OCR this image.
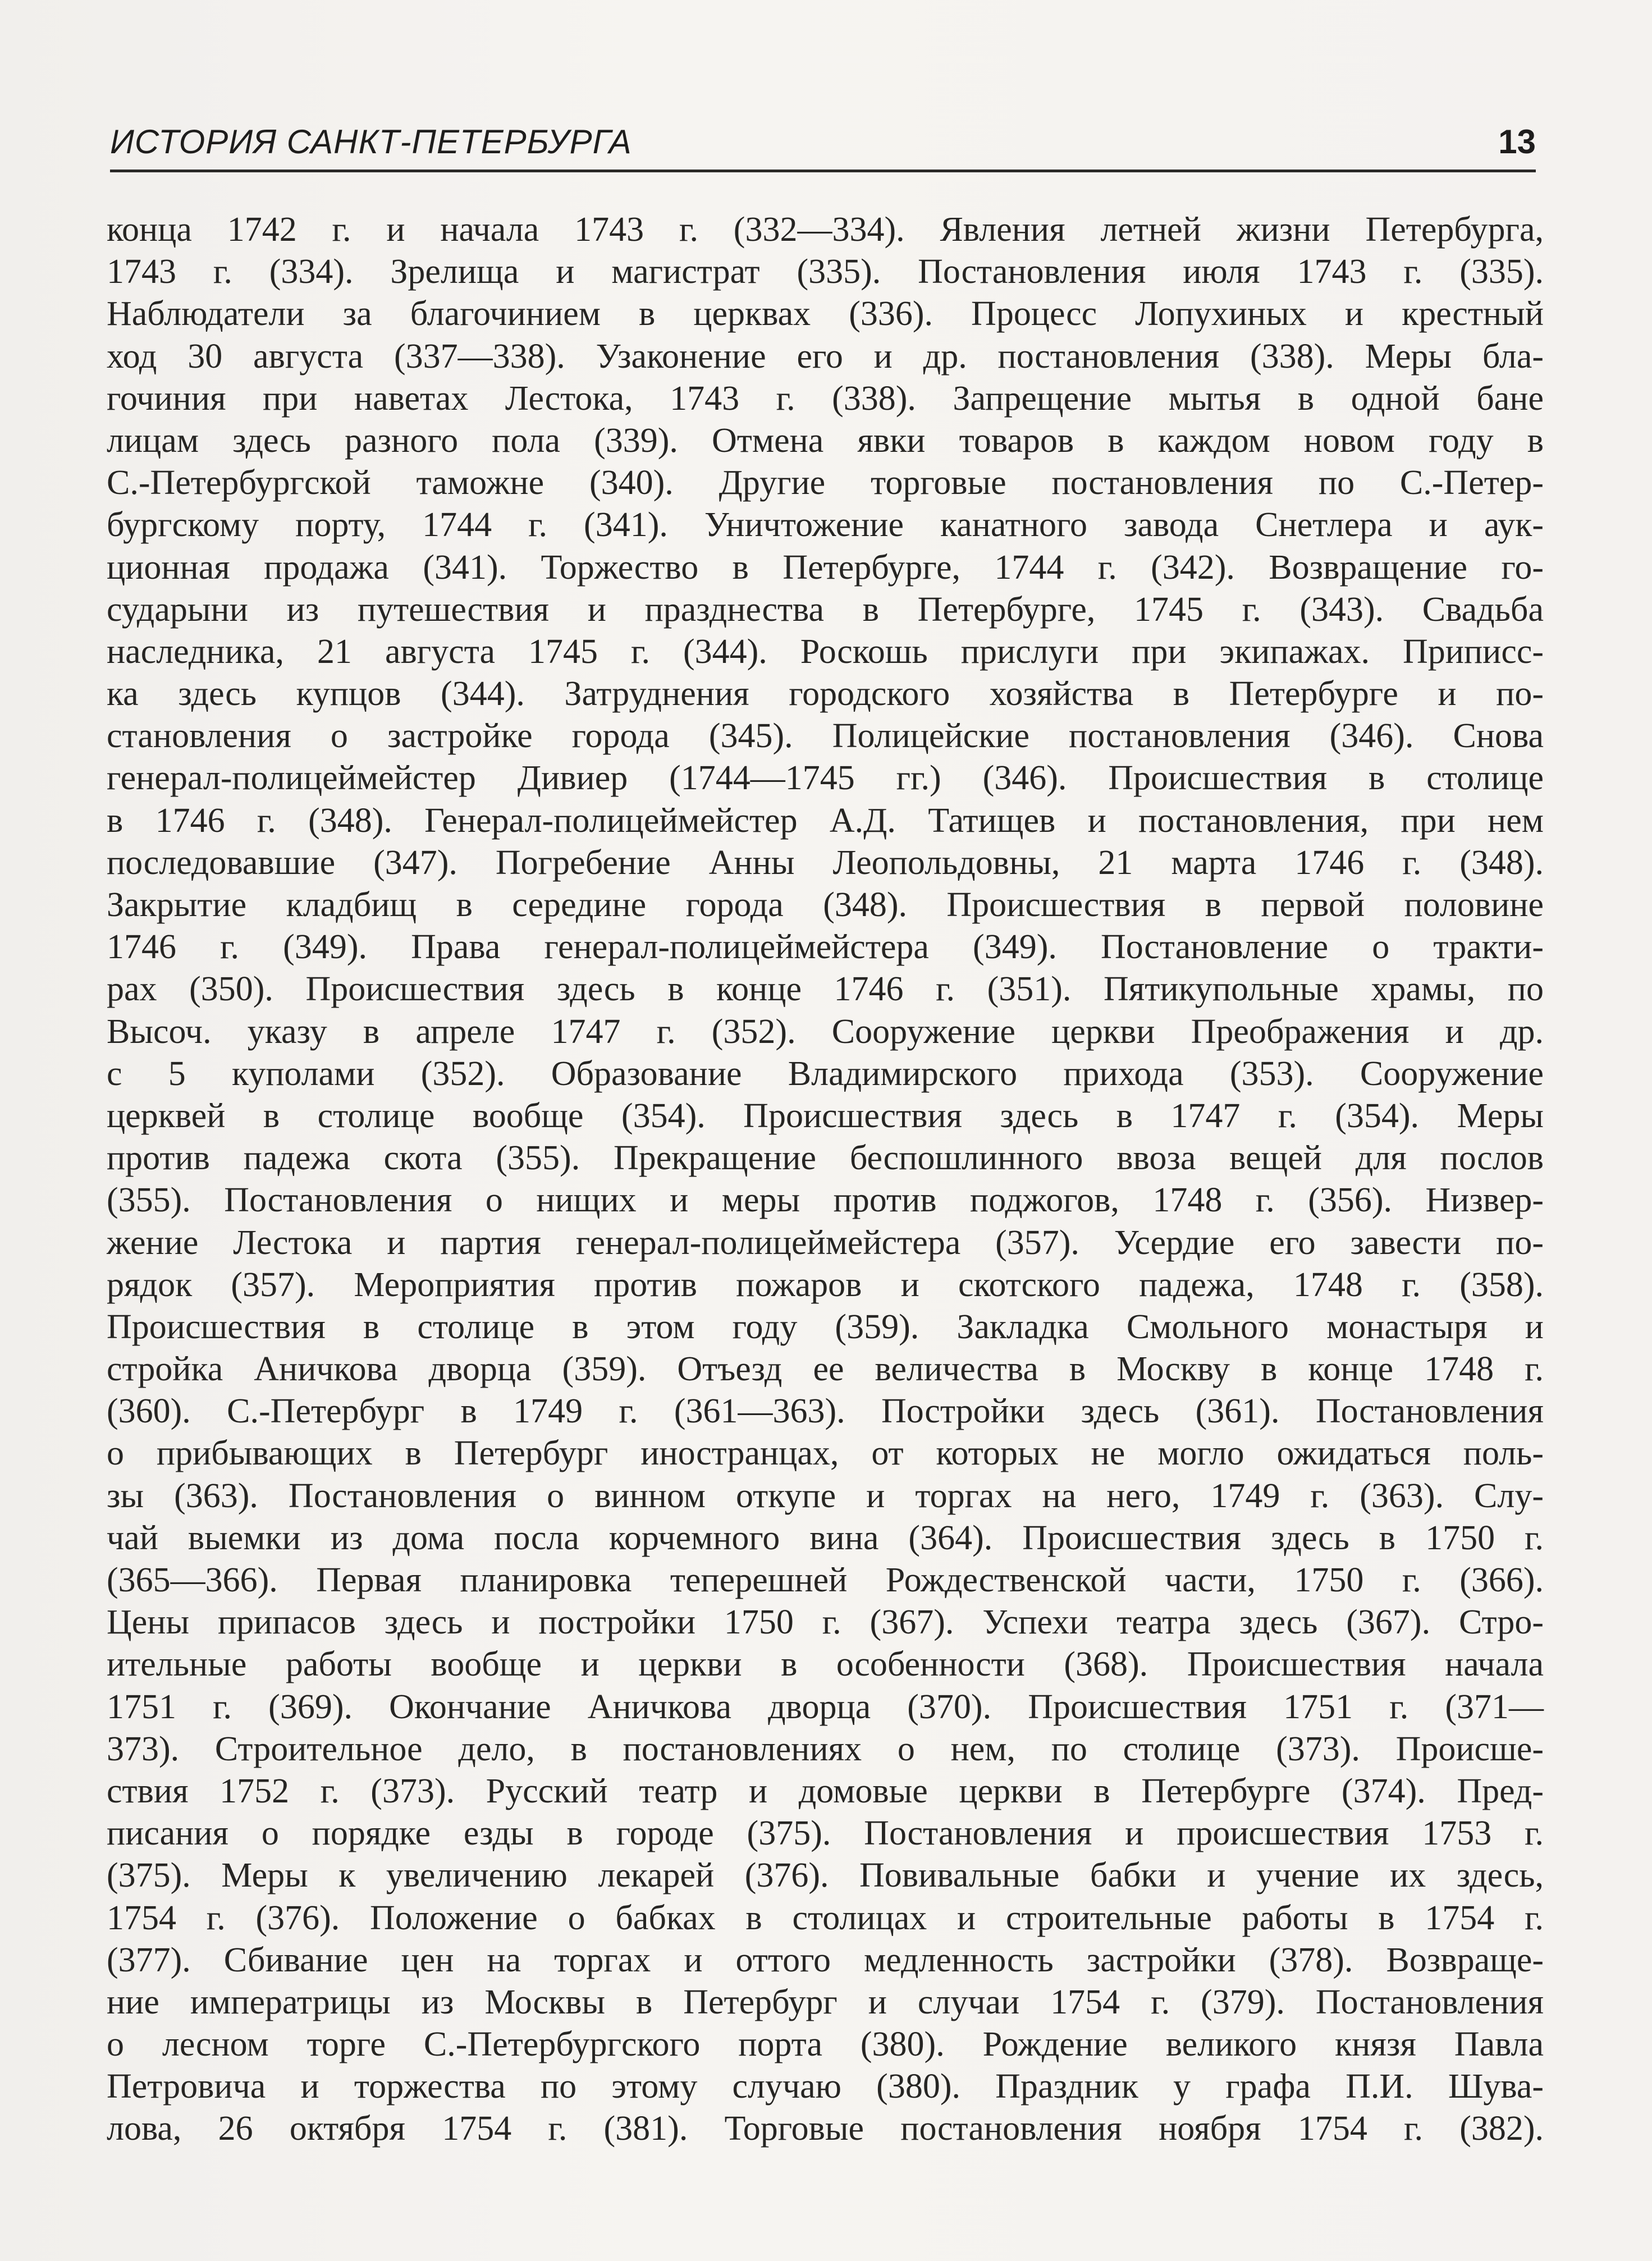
ИСТОРИЯ САНКТ-ПЕТЕРБУРГА	13
конца 1742 г. и начала 1743 г. (332—334). Явления летней жизни Петербурга,
1743 г. (334). Зрелища и магистрат (335). Постановления июля 1743 г. (335).
Наблюдатели за благочинием в церквах (336). Процесс Лопухиных и крестный
ход 30 августа (337—338). Узаконение его и др. постановления (338). Меры бла-
гочиния при наветах Лестока, 1743 г. (338). Запрещение мытья в одной бане
лицам здесь разного пола (339). Отмена явки товаров в каждом новом году в
С.-Петербургской таможне (340). Другие торговые постановления по С.-Петер-
бургскому порту, 1744 г. (341). Уничтожение канатного завода Снетлера и аук-
ционная продажа (341). Торжество в Петербурге, 1744 г. (342). Возвращение го-
сударыни из путешествия и празднества в Петербурге, 1745 г. (343). Свадьба
наследника, 21 августа 1745 г. (344). Роскошь прислуги при экипажах. Приписс-
ка здесь купцов (344). Затруднения городского хозяйства в Петербурге и по-
становления о застройке города (345). Полицейские постановления (346). Снова
генерал-полицеймейстер Дивиер (1744—1745 гг.) (346). Происшествия в столице
в 1746 г. (348). Генерал-полицеймейстер А.Д. Татищев и постановления, при нем
последовавшие (347). Погребение Анны Леопольдовны, 21 марта 1746 г. (348).
Закрытие кладбищ в середине города (348). Происшествия в первой половине
1746 г. (349). Права генерал-полицеймейстера (349). Постановление о тракти-
рах (350). Происшествия здесь в конце 1746 г. (351). Пятикупольные храмы, по
Высоч. указу в апреле 1747 г. (352). Сооружение церкви Преображения и др.
с 5 куполами (352). Образование Владимирского прихода (353). Сооружение
церквей в столице вообще (354). Происшествия здесь в 1747 г. (354). Меры
против падежа скота (355). Прекращение беспошлинного ввоза вещей для послов
(355). Постановления о нищих и меры против поджогов, 1748 г. (356). Низвер-
жение Лестока и партия генерал-полицеймейстера (357). Усердие его завести по-
рядок (357). Мероприятия против пожаров и скотского падежа, 1748 г. (358).
Происшествия в столице в этом году (359). Закладка Смольного монастыря и
стройка Аничкова дворца (359). Отъезд ее величества в Москву в конце 1748 г.
(360). С.-Петербург в 1749 г. (361—363). Постройки здесь (361). Постановления
о прибывающих в Петербург иностранцах, от которых не могло ожидаться поль-
зы (363). Постановления о винном откупе и торгах на него, 1749 г. (363). Слу-
чай выемки из дома посла корчемного вина (364). Происшествия здесь в 1750 г.
(365—366). Первая планировка теперешней Рождественской части, 1750 г. (366).
Цены припасов здесь и постройки 1750 г. (367). Успехи театра здесь (367). Стро-
ительные работы вообще и церкви в особенности (368). Происшествия начала
1751 г. (369). Окончание Аничкова дворца (370). Происшествия 1751 г. (371—
373). Строительное дело, в постановлениях о нем, по столице (373). Происше-
ствия 1752 г. (373). Русский театр и домовые церкви в Петербурге (374). Пред-
писания о порядке езды в городе (375). Постановления и происшествия 1753 г.
(375). Меры к увеличению лекарей (376). Повивальные бабки и учение их здесь,
1754 г. (376). Положение о бабках в столицах и строительные работы в 1754 г.
(377). Сбивание цен на торгах и оттого медленность застройки (378). Возвраще-
ние императрицы из Москвы в Петербург и случаи 1754 г. (379). Постановления
о лесном торге С.-Петербургского порта (380). Рождение великого князя Павла
Петровича и торжества по этому случаю (380). Праздник у графа П.И. Шува-
лова, 26 октября 1754 г. (381). Торговые постановления ноября 1754 г. (382).
